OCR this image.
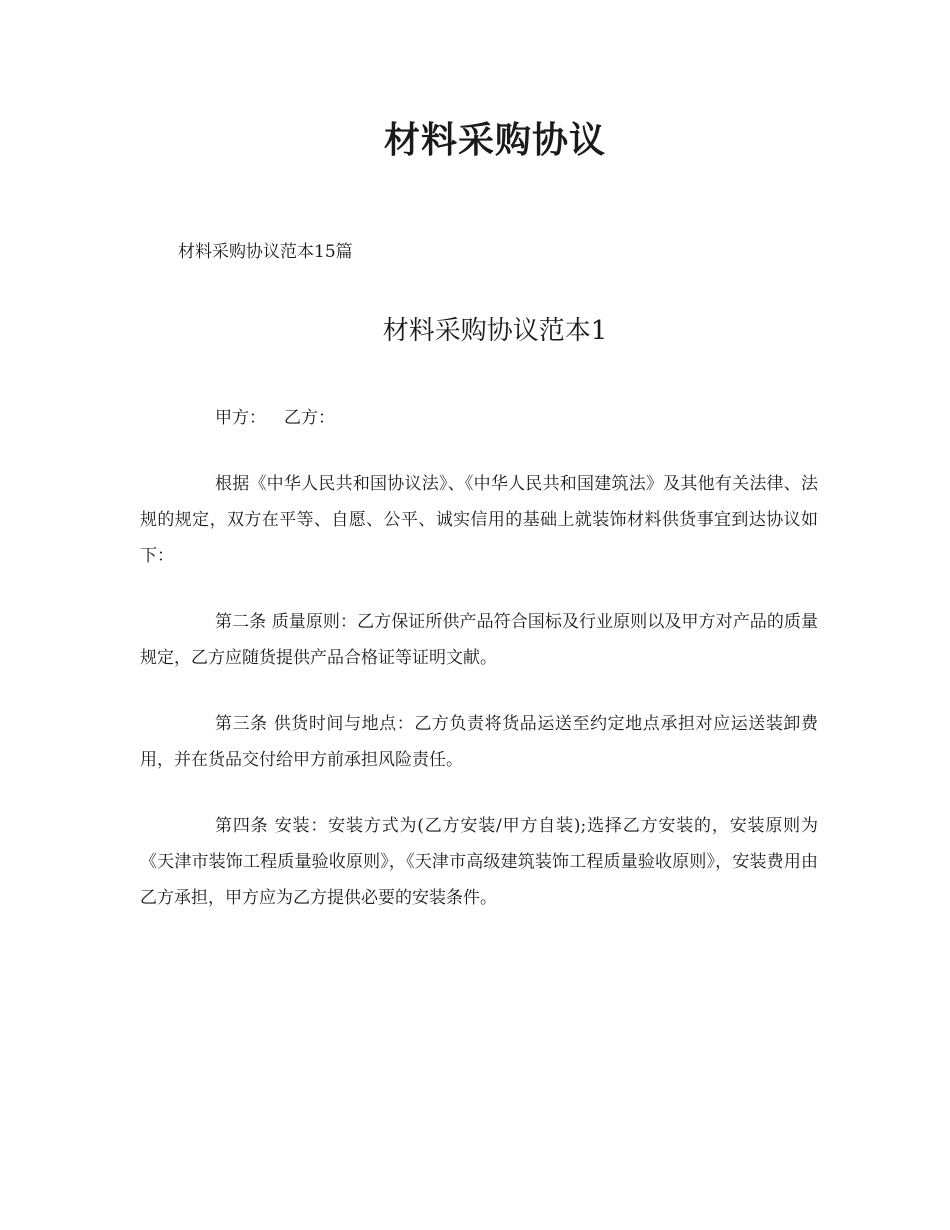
材料采购协议

材料采购协议范本15篇

材料采购协议范本1

甲方： 乙方：

根据《中华人民共和国协议法》、《中华人民共和国建筑法》及其他有关法律、法规的规定，双方在平等、自愿、公平、诚实信用的基础上就装饰材料供货事宜到达协议如下：

第二条 质量原则：乙方保证所供产品符合国标及行业原则以及甲方对产品的质量规定，乙方应随货提供产品合格证等证明文献。

第三条 供货时间与地点：乙方负责将货品运送至约定地点承担对应运送装卸费用，并在货品交付给甲方前承担风险责任。

第四条 安装：安装方式为(乙方安装/甲方自装);选择乙方安装的，安装原则为 《天津市装饰工程质量验收原则》，《天津市高级建筑装饰工程质量验收原则》，安装费用由乙方承担，甲方应为乙方提供必要的安装条件。
